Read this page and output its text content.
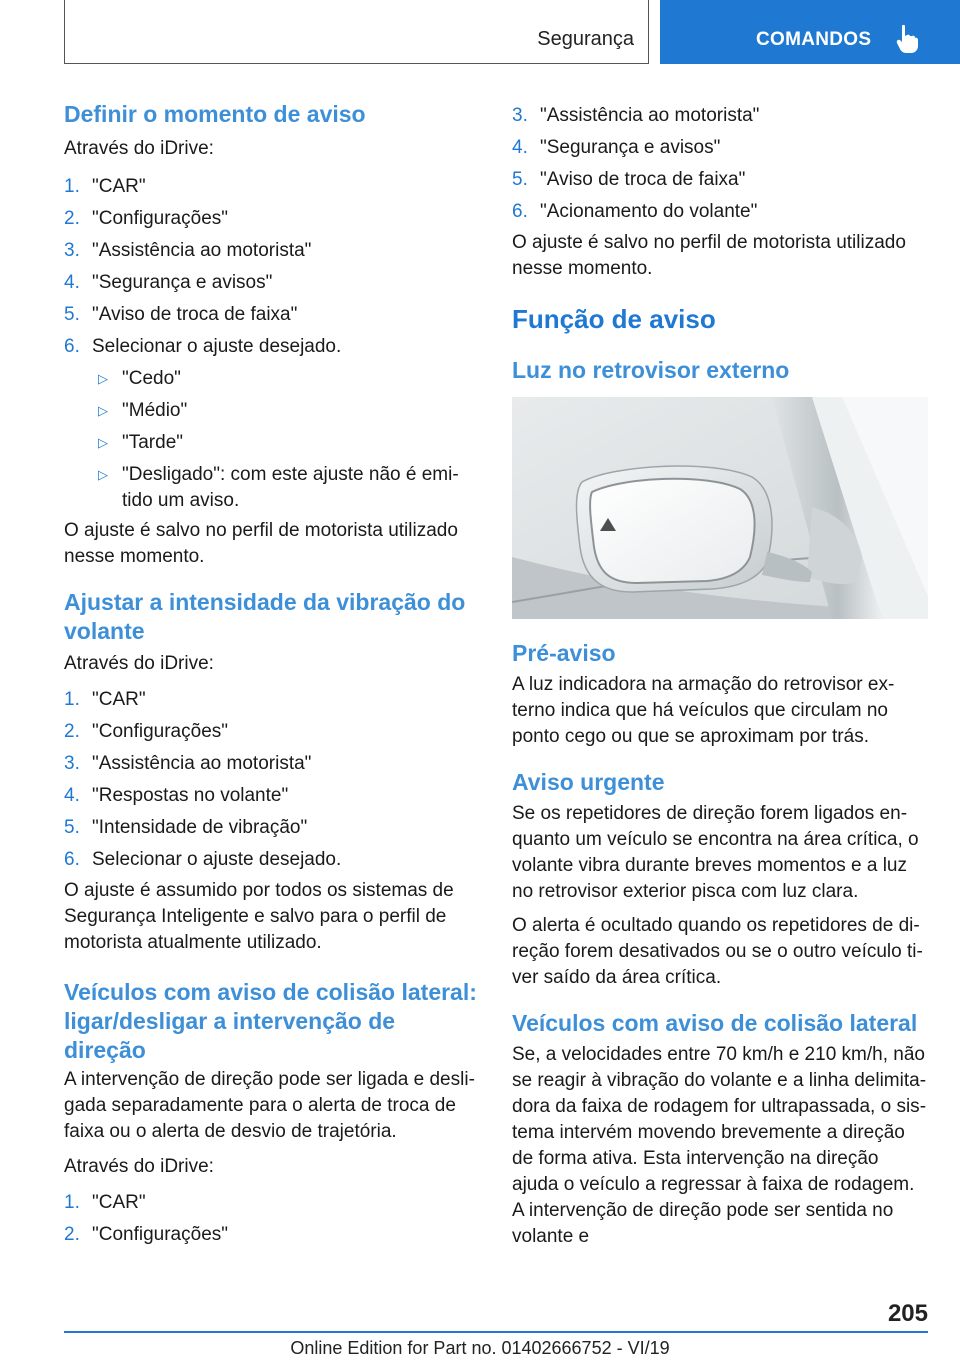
Segurança	COMANDOS
Definir o momento de aviso

Através do iDrive:

1. "CAR"
2. "Configurações"
3. "Assistência ao motorista"
4. "Segurança e avisos"
5. "Aviso de troca de faixa"
6. Selecionar o ajuste desejado.
▷ "Cedo"
▷ "Médio"
▷ "Tarde"
▷ "Desligado": com este ajuste não é emitido um aviso.

O ajuste é salvo no perfil de motorista utilizado nesse momento.

Ajustar a intensidade da vibração do volante

Através do iDrive:

1. "CAR"
2. "Configurações"
3. "Assistência ao motorista"
4. "Respostas no volante"
5. "Intensidade de vibração"
6. Selecionar o ajuste desejado.

O ajuste é assumido por todos os sistemas de Segurança Inteligente e salvo para o perfil de motorista atualmente utilizado.

Veículos com aviso de colisão lateral: ligar/desligar a intervenção de direção

A intervenção de direção pode ser ligada e desligada separadamente para o alerta de troca de faixa ou o alerta de desvio de trajetória.

Através do iDrive:

1. "CAR"
2. "Configurações"
3. "Assistência ao motorista"
4. "Segurança e avisos"
5. "Aviso de troca de faixa"
6. "Acionamento do volante"

O ajuste é salvo no perfil de motorista utilizado nesse momento.

Função de aviso
Luz no retrovisor externo
Pré-aviso

A luz indicadora na armação do retrovisor externo indica que há veículos que circulam no ponto cego ou que se aproximam por trás.

Aviso urgente

Se os repetidores de direção forem ligados enquanto um veículo se encontra na área crítica, o volante vibra durante breves momentos e a luz no retrovisor exterior pisca com luz clara.

O alerta é ocultado quando os repetidores de direção forem desativados ou se o outro veículo tiver saído da área crítica.

Veículos com aviso de colisão lateral

Se, a velocidades entre 70 km/h e 210 km/h, não se reagir à vibração do volante e a linha delimitadora da faixa de rodagem for ultrapassada, o sistema intervém movendo brevemente a direção de forma ativa. Esta intervenção na direção ajuda o veículo a regressar à faixa de rodagem. A intervenção de direção pode ser sentida no volante e

205
Online Edition for Part no. 01402666752 - VI/19
